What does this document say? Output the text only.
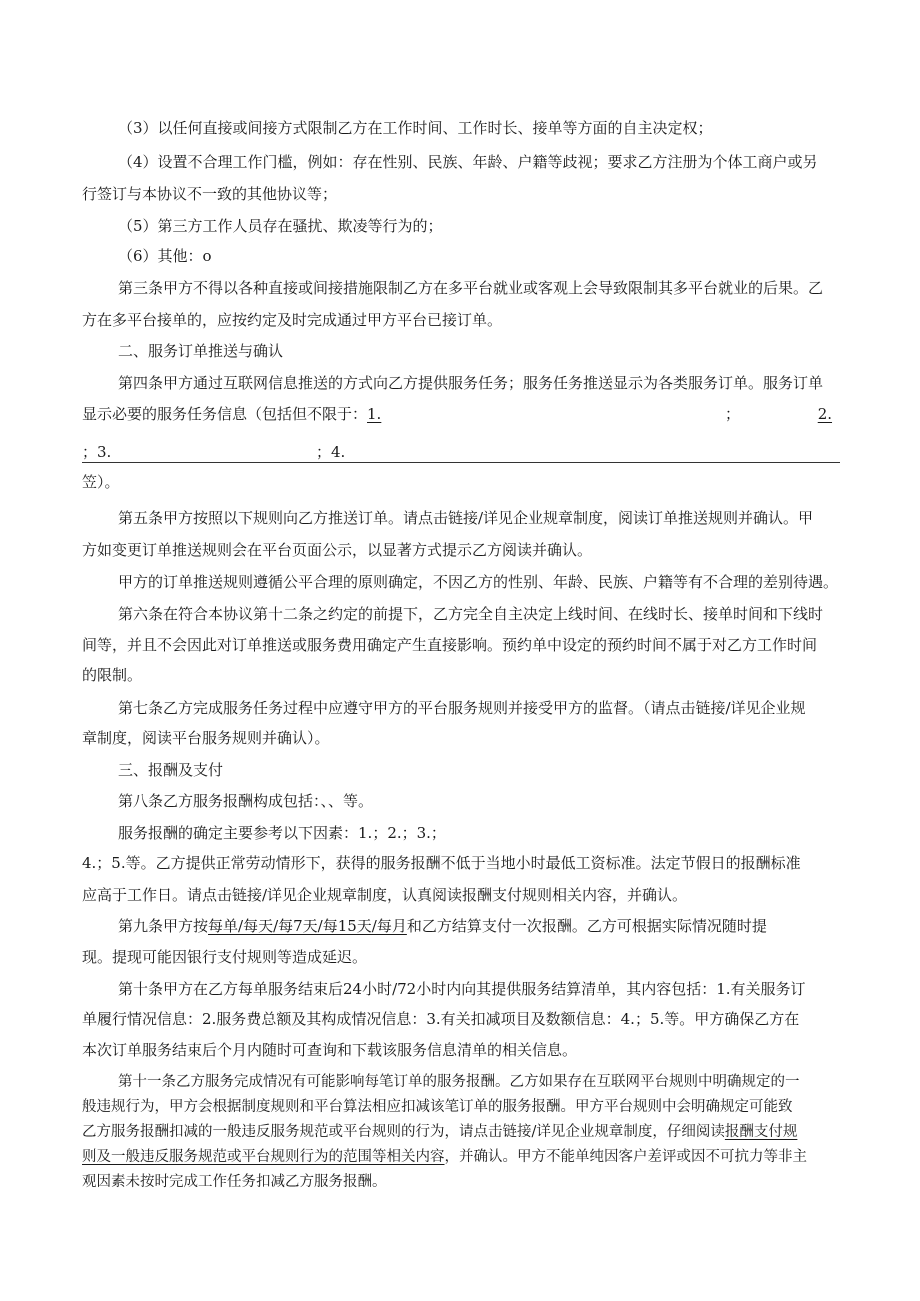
（3）以任何直接或间接方式限制乙方在工作时间、工作时长、接单等方面的自主决定权；
（4）设置不合理工作门槛，例如：存在性别、民族、年龄、户籍等歧视；要求乙方注册为个体工商户或另
行签订与本协议不一致的其他协议等；
（5）第三方工作人员存在骚扰、欺凌等行为的；
（6）其他：o
第三条甲方不得以各种直接或间接措施限制乙方在多平台就业或客观上会导致限制其多平台就业的后果。乙
方在多平台接单的，应按约定及时完成通过甲方平台已接订单。
二、服务订单推送与确认
第四条甲方通过互联网信息推送的方式向乙方提供服务任务；服务任务推送显示为各类服务订单。服务订单
显示必要的服务任务信息（包括但不限于：1.	；	2.
；3.	；4.
笠）。
第五条甲方按照以下规则向乙方推送订单。请点击链接/详见企业规章制度，阅读订单推送规则并确认。甲
方如变更订单推送规则会在平台页面公示，以显著方式提示乙方阅读并确认。
甲方的订单推送规则遵循公平合理的原则确定，不因乙方的性别、年龄、民族、户籍等有不合理的差别待遇。
第六条在符合本协议第十二条之约定的前提下，乙方完全自主决定上线时间、在线时长、接单时间和下线时
间等，并且不会因此对订单推送或服务费用确定产生直接影响。预约单中设定的预约时间不属于对乙方工作时间
的限制。
第七条乙方完成服务任务过程中应遵守甲方的平台服务规则并接受甲方的监督。（请点击链接/详见企业规
章制度，阅读平台服务规则并确认）。
三、报酬及支付
第八条乙方服务报酬构成包括：、、等。
服务报酬的确定主要参考以下因素：1.；2.；3.；
4.；5.等。乙方提供正常劳动情形下，获得的服务报酬不低于当地小时最低工资标准。法定节假日的报酬标准
应高于工作日。请点击链接/详见企业规章制度，认真阅读报酬支付规则相关内容，并确认。
第九条甲方按每单/每天/每7天/每15天/每月和乙方结算支付一次报酬。乙方可根据实际情况随时提
现。提现可能因银行支付规则等造成延迟。
第十条甲方在乙方每单服务结束后24小时/72小时内向其提供服务结算清单，其内容包括：1.有关服务订
单履行情况信息：2.服务费总额及其构成情况信息：3.有关扣减项目及数额信息：4.；5.等。甲方确保乙方在
本次订单服务结束后个月内随时可查询和下载该服务信息清单的相关信息。
第十一条乙方服务完成情况有可能影响每笔订单的服务报酬。乙方如果存在互联网平台规则中明确规定的一
般违规行为，甲方会根据制度规则和平台算法相应扣减该笔订单的服务报酬。甲方平台规则中会明确规定可能致
乙方服务报酬扣减的一般违反服务规范或平台规则的行为，请点击链接/详见企业规章制度，仔细阅读报酬支付规
则及一般违反服务规范或平台规则行为的范围等相关内容，并确认。甲方不能单纯因客户差评或因不可抗力等非主
观因素未按时完成工作任务扣减乙方服务报酬。
